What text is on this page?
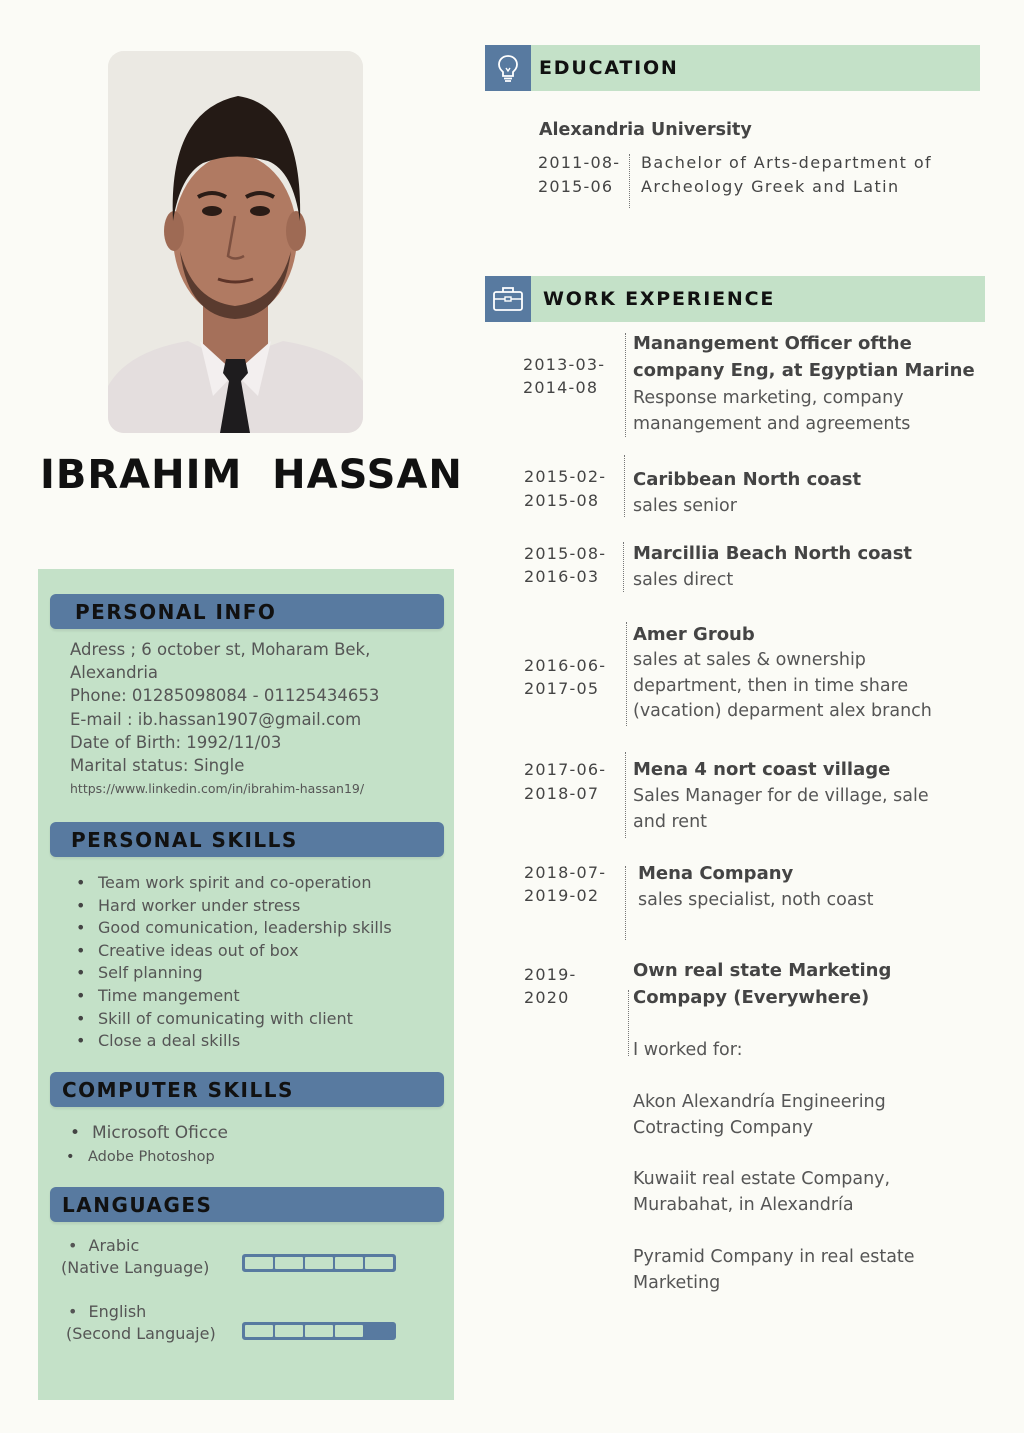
IBRAHIM  HASSAN
PERSONAL INFO
Adress ; 6 october st, Moharam Bek,
Alexandria
Phone: 01285098084 - 01125434653
E-mail : ib.hassan1907@gmail.com
Date of Birth: 1992/11/03
Marital status: Single
https://www.linkedin.com/in/ibrahim-hassan19/
PERSONAL SKILLS
• Team work spirit and co-operation
• Hard worker under stress
• Good comunication, leadership skills
• Creative ideas out of box
• Self planning
• Time mangement
• Skill of comunicating with client
• Close a deal skills
COMPUTER SKILLS
• Microsoft Oficce
• Adobe Photoshop
LANGUAGES
• Arabic
(Native Language)
• English
(Second Languaje)
EDUCATION
Alexandria University
2011-08-
2015-06
Bachelor of Arts-department of
Archeology Greek and Latin
WORK EXPERIENCE
2013-03-
2014-08
Manangement Officer ofthe
company Eng, at Egyptian Marine
Response marketing, company
manangement and agreements
2015-02-
2015-08
Caribbean North coast
sales senior
2015-08-
2016-03
Marcillia Beach North coast
sales direct
2016-06-
2017-05
Amer Groub
sales at sales & ownership
department, then in time share
(vacation) deparment alex branch
2017-06-
2018-07
Mena 4 nort coast village
Sales Manager for de village, sale
and rent
2018-07-
2019-02
Mena Company
sales specialist, noth coast
2019-
2020
Own real state Marketing
Compapy (Everywhere)
I worked for:
Akon Alexandría Engineering
Cotracting Company
Kuwaiit real estate Company,
Murabahat, in Alexandría
Pyramid Company in real estate
Marketing
